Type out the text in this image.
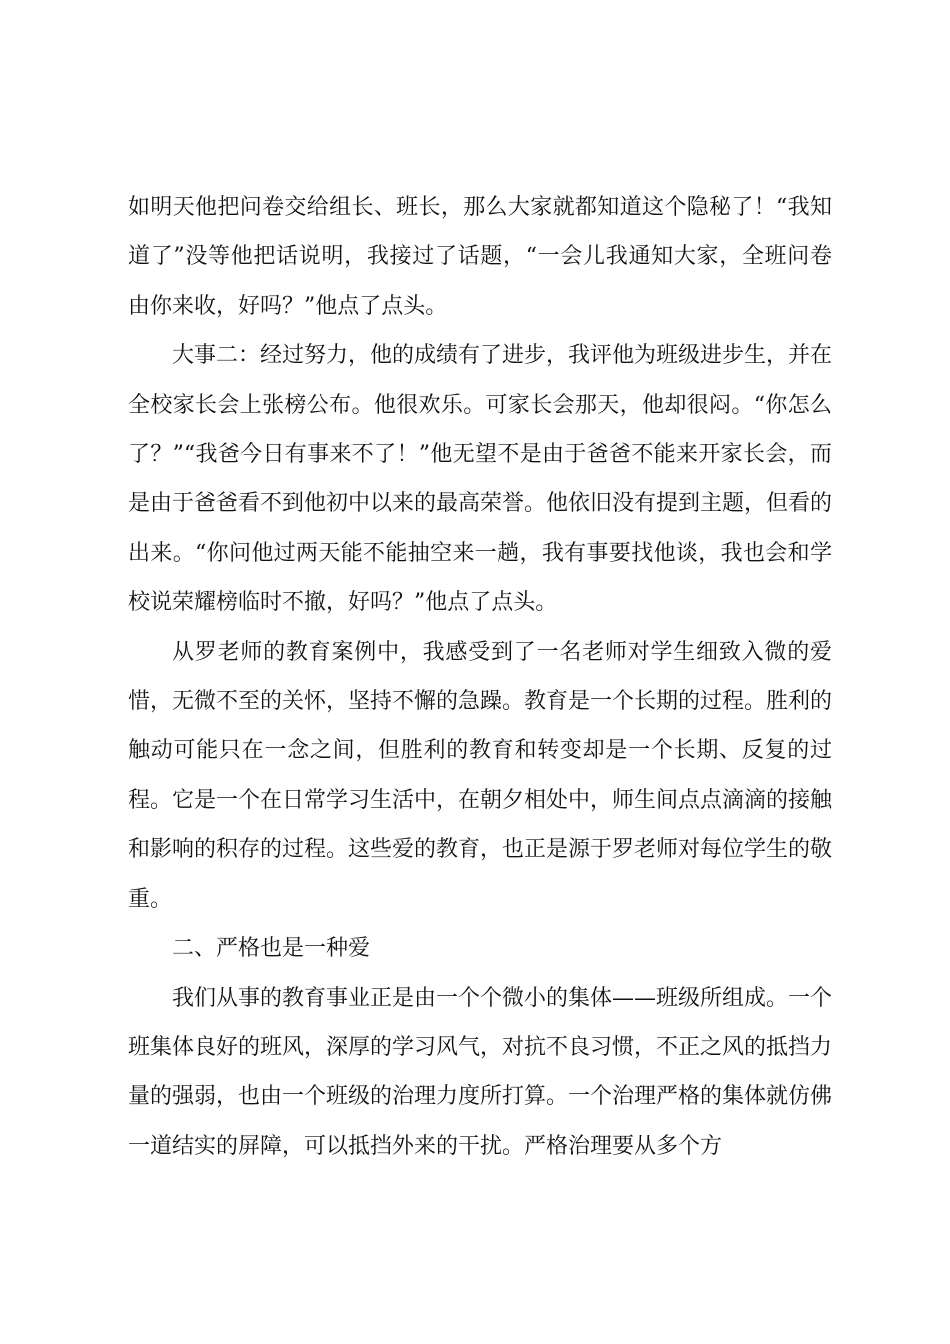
如明天他把问卷交给组长、班长，那么大家就都知道这个隐秘了！“我知道了”没等他把话说明，我接过了话题，“一会儿我通知大家，全班问卷由你来收，好吗？”他点了点头。

大事二：经过努力，他的成绩有了进步，我评他为班级进步生，并在全校家长会上张榜公布。他很欢乐。可家长会那天，他却很闷。“你怎么了？”“我爸今日有事来不了！”他无望不是由于爸爸不能来开家长会，而是由于爸爸看不到他初中以来的最高荣誉。他依旧没有提到主题，但看的出来。“你问他过两天能不能抽空来一趟，我有事要找他谈，我也会和学校说荣耀榜临时不撤，好吗？”他点了点头。

从罗老师的教育案例中，我感受到了一名老师对学生细致入微的爱惜，无微不至的关怀，坚持不懈的急躁。教育是一个长期的过程。胜利的触动可能只在一念之间，但胜利的教育和转变却是一个长期、反复的过程。它是一个在日常学习生活中，在朝夕相处中，师生间点点滴滴的接触和影响的积存的过程。这些爱的教育，也正是源于罗老师对每位学生的敬重。

二、严格也是一种爱

我们从事的教育事业正是由一个个微小的集体——班级所组成。一个班集体良好的班风，深厚的学习风气，对抗不良习惯，不正之风的抵挡力量的强弱，也由一个班级的治理力度所打算。一个治理严格的集体就仿佛一道结实的屏障，可以抵挡外来的干扰。严格治理要从多个方
